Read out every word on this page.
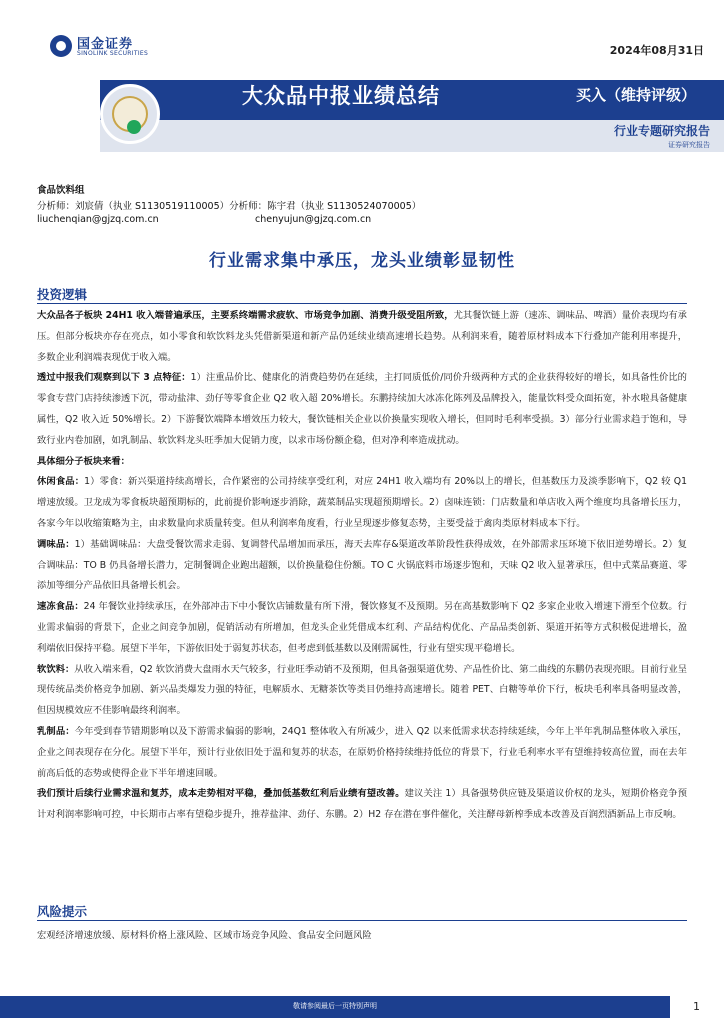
国金证券
SINOLINK SECURITIES	2024年08月31日
大众品中报业绩总结	买入（维持评级）
行业专题研究报告
证券研究报告
食品饮料组
分析师：刘宸倩（执业 S1130519110005）分析师：陈宇君（执业 S1130524070005）
liuchenqian@gjzq.com.cn	chenyujun@gjzq.com.cn
行业需求集中承压，龙头业绩彰显韧性
投资逻辑

大众品各子板块 24H1 收入端普遍承压，主要系终端需求疲软、市场竞争加剧、消费升级受阻所致，尤其餐饮链上游（速冻、调味品、啤酒）量价表现均有承压。但部分板块亦存在亮点，如小零食和软饮料龙头凭借新渠道和新产品仍延续业绩高速增长趋势。从利润来看，随着原材料成本下行叠加产能利用率提升，多数企业利润端表现优于收入端。

透过中报我们观察到以下 3 点特征：1）注重品价比、健康化的消费趋势仍在延续，主打同质低价/同价升级两种方式的企业获得较好的增长，如具备性价比的零食专营门店持续渗透下沉，带动盐津、劲仔等零食企业 Q2 收入超 20%增长。东鹏持续加大冰冻化陈列及品牌投入，能量饮料受众面拓宽，补水啦具备健康属性，Q2 收入近 50%增长。2）下游餐饮端降本增效压力较大，餐饮链相关企业以价换量实现收入增长，但同时毛利率受损。3）部分行业需求趋于饱和，导致行业内卷加剧，如乳制品、软饮料龙头旺季加大促销力度，以求市场份额企稳，但对净利率造成扰动。

具体细分子板块来看：

休闲食品：1）零食：新兴渠道持续高增长，合作紧密的公司持续享受红利，对应 24H1 收入端均有 20%以上的增长，但基数压力及淡季影响下，Q2 较 Q1 增速放缓。卫龙成为零食板块超预期标的，此前提价影响逐步消除，蔬菜制品实现超预期增长。2）卤味连锁：门店数量和单店收入两个维度均具备增长压力，各家今年以收缩策略为主，由求数量向求质量转变。但从利润率角度看，行业呈现逐步修复态势，主要受益于禽肉类原材料成本下行。

调味品：1）基础调味品：大盘受餐饮需求走弱、复调替代品增加而承压，海天去库存&渠道改革阶段性获得成效，在外部需求压环境下依旧逆势增长。2）复合调味品：TO B 仍具备增长潜力，定制餐调企业跑出超额，以价换量稳住份额。TO C 火锅底料市场逐步饱和，天味 Q2 收入显著承压，但中式菜品赛道、零添加等细分产品依旧具备增长机会。

速冻食品：24 年餐饮业持续承压，在外部冲击下中小餐饮店铺数量有所下滑，餐饮修复不及预期。另在高基数影响下 Q2 多家企业收入增速下滑至个位数。行业需求偏弱的背景下，企业之间竞争加剧，促销活动有所增加，但龙头企业凭借成本红利、产品结构优化、产品品类创新、渠道开拓等方式积极促进增长，盈利端依旧保持平稳。展望下半年，下游依旧处于弱复苏状态，但考虑到低基数以及刚需属性，行业有望实现平稳增长。

软饮料：从收入端来看，Q2 软饮消费大盘雨水天气较多，行业旺季动销不及预期，但具备强渠道优势、产品性价比、第二曲线的东鹏仍表现亮眼。目前行业呈现传统品类价格竞争加剧、新兴品类爆发力强的特征，电解质水、无糖茶饮等类目仍维持高速增长。随着 PET、白糖等单价下行，板块毛利率具备明显改善，但因规模效应不佳影响最终利润率。

乳制品：今年受到春节错期影响以及下游需求偏弱的影响，24Q1 整体收入有所减少，进入 Q2 以来低需求状态持续延续，今年上半年乳制品整体收入承压，企业之间表现存在分化。展望下半年，预计行业依旧处于温和复苏的状态，在原奶价格持续维持低位的背景下，行业毛利率水平有望维持较高位置，而在去年前高后低的态势或使得企业下半年增速回暖。

我们预计后续行业需求温和复苏，成本走势相对平稳，叠加低基数红利后业绩有望改善。建议关注 1）具备强势供应链及渠道议价权的龙头，短期价格竞争预计对利润率影响可控，中长期市占率有望稳步提升，推荐盐津、劲仔、东鹏。2）H2 存在潜在事件催化，关注酵母新榨季成本改善及百润烈酒新品上市反响。

风险提示
宏观经济增速放缓、原材料价格上涨风险、区域市场竞争风险、食品安全问题风险
敬请参阅最后一页特别声明	1
